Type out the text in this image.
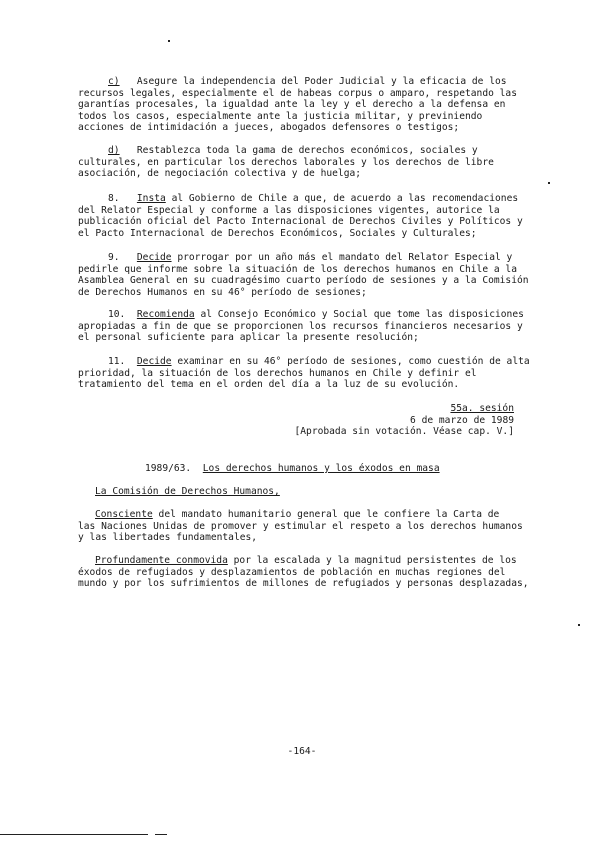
c) Asegure la independencia del Poder Judicial y la eficacia de los
recursos legales, especialmente el de habeas corpus o amparo, respetando las
garantías procesales, la igualdad ante la ley y el derecho a la defensa en
todos los casos, especialmente ante la justicia militar, y previniendo
acciones de intimidación a jueces, abogados defensores o testigos;
d) Restablezca toda la gama de derechos económicos, sociales y
culturales, en particular los derechos laborales y los derechos de libre
asociación, de negociación colectiva y de huelga;
8. Insta al Gobierno de Chile a que, de acuerdo a las recomendaciones
del Relator Especial y conforme a las disposiciones vigentes, autorice la
publicación oficial del Pacto Internacional de Derechos Civiles y Políticos y
el Pacto Internacional de Derechos Económicos, Sociales y Culturales;
9. Decide prorrogar por un año más el mandato del Relator Especial y
pedirle que informe sobre la situación de los derechos humanos en Chile a la
Asamblea General en su cuadragésimo cuarto período de sesiones y a la Comisión
de Derechos Humanos en su 46° período de sesiones;
10. Recomienda al Consejo Económico y Social que tome las disposiciones
apropiadas a fin de que se proporcionen los recursos financieros necesarios y
el personal suficiente para aplicar la presente resolución;
11. Decide examinar en su 46° período de sesiones, como cuestión de alta
prioridad, la situación de los derechos humanos en Chile y definir el
tratamiento del tema en el orden del día a la luz de su evolución.
55a. sesión
6 de marzo de 1989
[Aprobada sin votación. Véase cap. V.]
1989/63. Los derechos humanos y los éxodos en masa
La Comisión de Derechos Humanos,
Consciente del mandato humanitario general que le confiere la Carta de
las Naciones Unidas de promover y estimular el respeto a los derechos humanos
y las libertades fundamentales,
Profundamente conmovida por la escalada y la magnitud persistentes de los
éxodos de refugiados y desplazamientos de población en muchas regiones del
mundo y por los sufrimientos de millones de refugiados y personas desplazadas,
-164-
